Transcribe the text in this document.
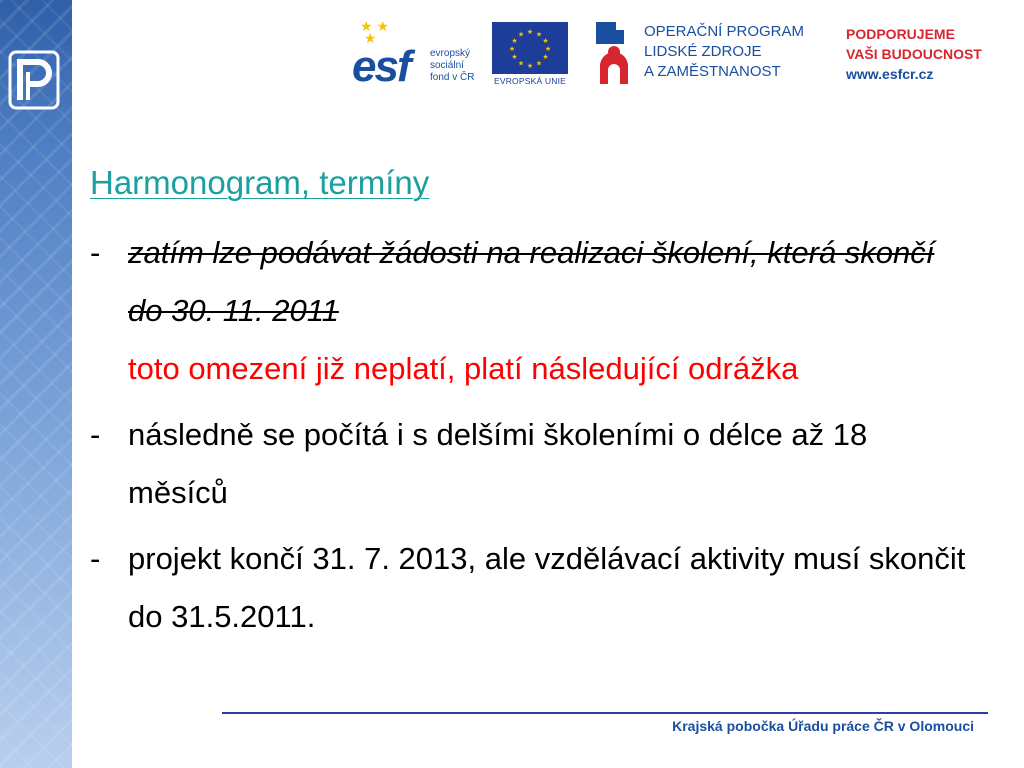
★ ★
★
esf evropský
sociální
fond v ČR
★ ★
★
★
★
★
★
★
★
★
★
★
EVROPSKÁ UNIE
OPERAČNÍ PROGRAM
LIDSKÉ ZDROJE
A ZAMĚSTNANOST
PODPORUJEME
VAŠI BUDOUCNOST
www.esfcr.cz
Harmonogram, termíny
- zatím lze podávat žádosti na realizaci školení, která skončí do 30. 11. 2011
toto omezení již neplatí, platí následující odrážka
- následně se počítá i s delšími školeními o délce až 18 měsíců
- projekt končí 31. 7. 2013, ale vzdělávací aktivity musí skončit do 31.5.2011.
Krajská pobočka Úřadu práce ČR v Olomouci
